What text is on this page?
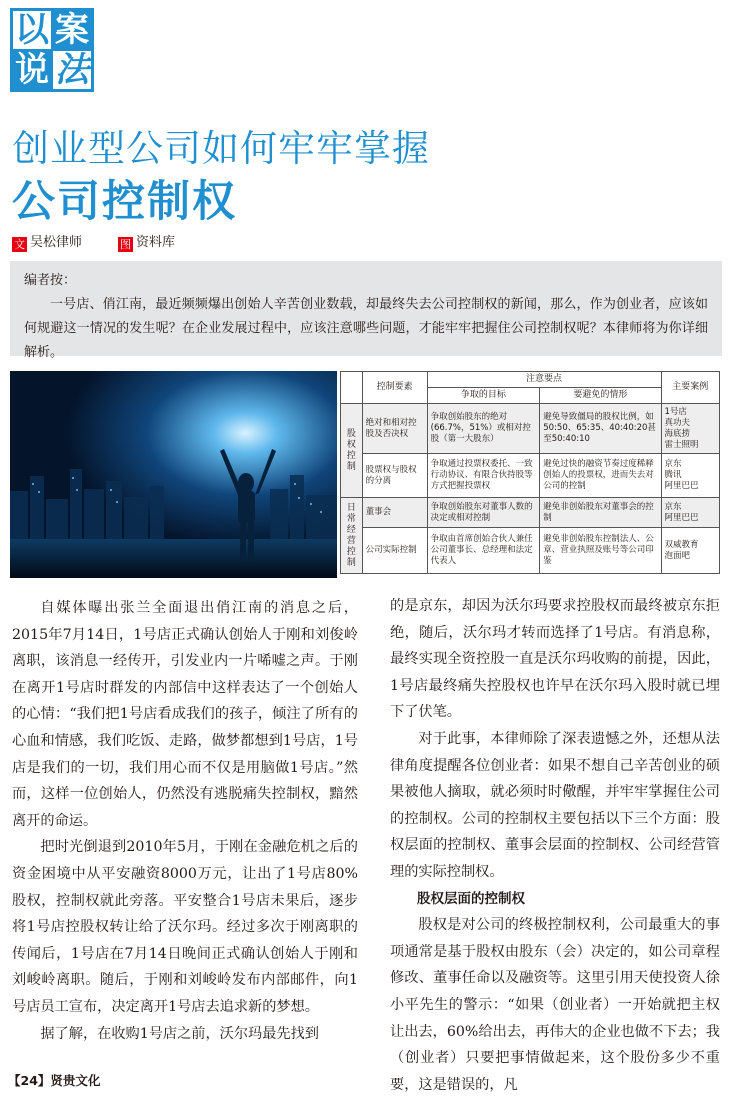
以 案
说 法
创业型公司如何牢牢掌握
公司控制权
文 吴松律师	图 资料库
编者按：
一号店、俏江南，最近频频爆出创始人辛苦创业数载，却最终失去公司控制权的新闻，那么，作为创业者，应该如何规避这一情况的发生呢？在企业发展过程中，应该注意哪些问题，才能牢牢把握住公司控制权呢？本律师将为你详细解析。
	控制要素	注意要点		主要案例
		争取的目标	要避免的情形	
股权控制	绝对和相对控股及否决权	争取创始股东的绝对(66.7%，51%）或相对控股（第一大股东）	避免导致僵局的股权比例，如50:50、65:35、40:40:20甚至50:40:10	1号店
真功夫
海底捞
雷士照明
	股票权与股权的分离	争取通过投票权委托、一致行动协议、有限合伙持股等方式把握投票权	避免过快的融资节奏过度稀释创始人的投票权，进而失去对公司的控制	京东
腾讯
阿里巴巴
日常经营控制	董事会	争取创始股东对董事人数的决定或相对控制	避免非创始股东对董事会的控制	京东
阿里巴巴
	公司实际控制	争取由首席创始合伙人兼任公司董事长、总经理和法定代表人	避免非创始股东控制法人、公章、营业执照及账号等公司印鉴	双威教育
泡面吧

自媒体曝出张兰全面退出俏江南的消息之后，2015年7月14日，1号店正式确认创始人于刚和刘俊岭离职，该消息一经传开，引发业内一片唏嘘之声。于刚在离开1号店时群发的内部信中这样表达了一个创始人的心情：“我们把1号店看成我们的孩子，倾注了所有的心血和情感，我们吃饭、走路，做梦都想到1号店，1号店是我们的一切，我们用心而不仅是用脑做1号店。”然而，这样一位创始人，仍然没有逃脱痛失控制权，黯然离开的命运。

把时光倒退到2010年5月，于刚在金融危机之后的资金困境中从平安融资8000万元，让出了1号店80%股权，控制权就此旁落。平安整合1号店未果后，逐步将1号店控股权转让给了沃尔玛。经过多次于刚离职的传闻后，1号店在7月14日晚间正式确认创始人于刚和刘峻岭离职。随后，于刚和刘峻岭发布内部邮件，向1号店员工宣布，决定离开1号店去追求新的梦想。

据了解，在收购1号店之前，沃尔玛最先找到

的是京东，却因为沃尔玛要求控股权而最终被京东拒绝，随后，沃尔玛才转而选择了1号店。有消息称，最终实现全资控股一直是沃尔玛收购的前提，因此，1号店最终痛失控股权也许早在沃尔玛入股时就已埋下了伏笔。

对于此事，本律师除了深表遗憾之外，还想从法律角度提醒各位创业者：如果不想自己辛苦创业的硕果被他人摘取，就必须时时儆醒，并牢牢掌握住公司的控制权。公司的控制权主要包括以下三个方面：股权层面的控制权、董事会层面的控制权、公司经营管理的实际控制权。

股权层面的控制权

股权是对公司的终极控制权利，公司最重大的事项通常是基于股权由股东（会）决定的，如公司章程修改、董事任命以及融资等。这里引用天使投资人徐小平先生的警示：“如果（创业者）一开始就把主权让出去，60%给出去，再伟大的企业也做不下去；我（创业者）只要把事情做起来，这个股份多少不重要，这是错误的，凡

【24】贤贵文化
